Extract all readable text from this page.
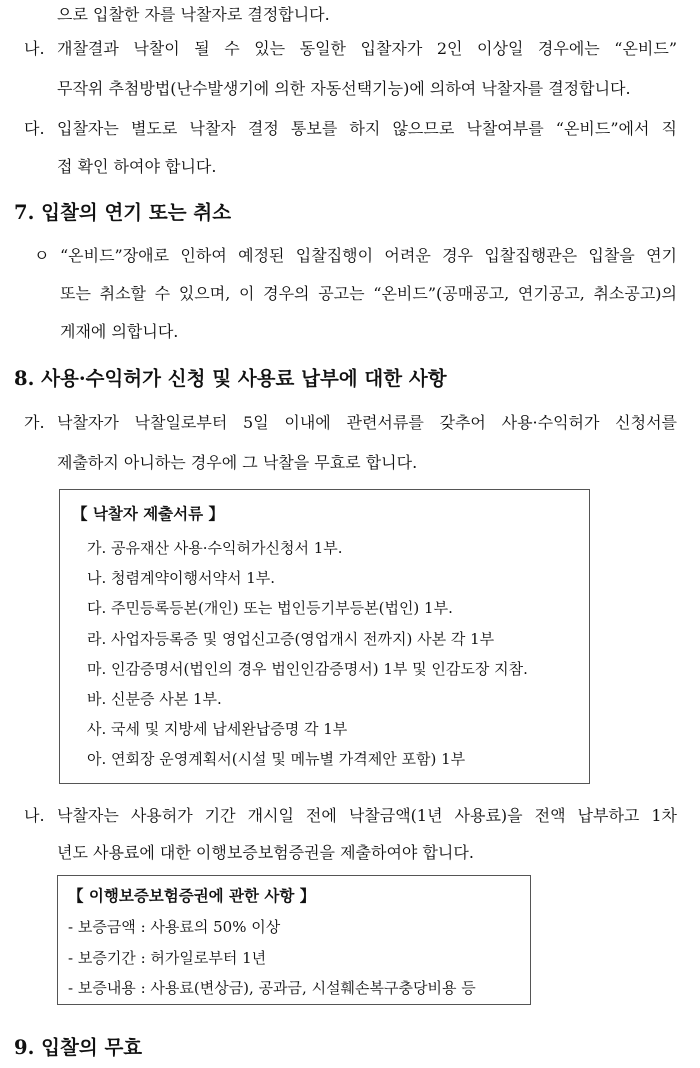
으로 입찰한 자를 낙찰자로 결정합니다.
나. 개찰결과 낙찰이 될 수 있는 동일한 입찰자가 2인 이상일 경우에는 “온비드”
무작위 추첨방법(난수발생기에 의한 자동선택기능)에 의하여 낙찰자를 결정합니다.
다. 입찰자는 별도로 낙찰자 결정 통보를 하지 않으므로 낙찰여부를 “온비드”에서 직
접 확인 하여야 합니다.
7. 입찰의 연기 또는 취소
ㅇ “온비드”장애로 인하여 예정된 입찰집행이 어려운 경우 입찰집행관은 입찰을 연기
또는 취소할 수 있으며, 이 경우의 공고는 “온비드”(공매공고, 연기공고, 취소공고)의
게재에 의합니다.
8. 사용·수익허가 신청 및 사용료 납부에 대한 사항
가. 낙찰자가 낙찰일로부터 5일 이내에 관련서류를 갖추어 사용·수익허가 신청서를
제출하지 아니하는 경우에 그 낙찰을 무효로 합니다.
【 낙찰자 제출서류 】
가. 공유재산 사용·수익허가신청서 1부.
나. 청렴계약이행서약서 1부.
다. 주민등록등본(개인) 또는 법인등기부등본(법인) 1부.
라. 사업자등록증 및 영업신고증(영업개시 전까지) 사본 각 1부
마. 인감증명서(법인의 경우 법인인감증명서) 1부 및 인감도장 지참.
바. 신분증 사본 1부.
사. 국세 및 지방세 납세완납증명 각 1부
아. 연회장 운영계획서(시설 및 메뉴별 가격제안 포함) 1부
나. 낙찰자는 사용허가 기간 개시일 전에 낙찰금액(1년 사용료)을 전액 납부하고 1차
년도 사용료에 대한 이행보증보험증권을 제출하여야 합니다.
【 이행보증보험증권에 관한 사항 】
- 보증금액 : 사용료의 50% 이상
- 보증기간 : 허가일로부터 1년
- 보증내용 : 사용료(변상금), 공과금, 시설훼손복구충당비용 등
9. 입찰의 무효
